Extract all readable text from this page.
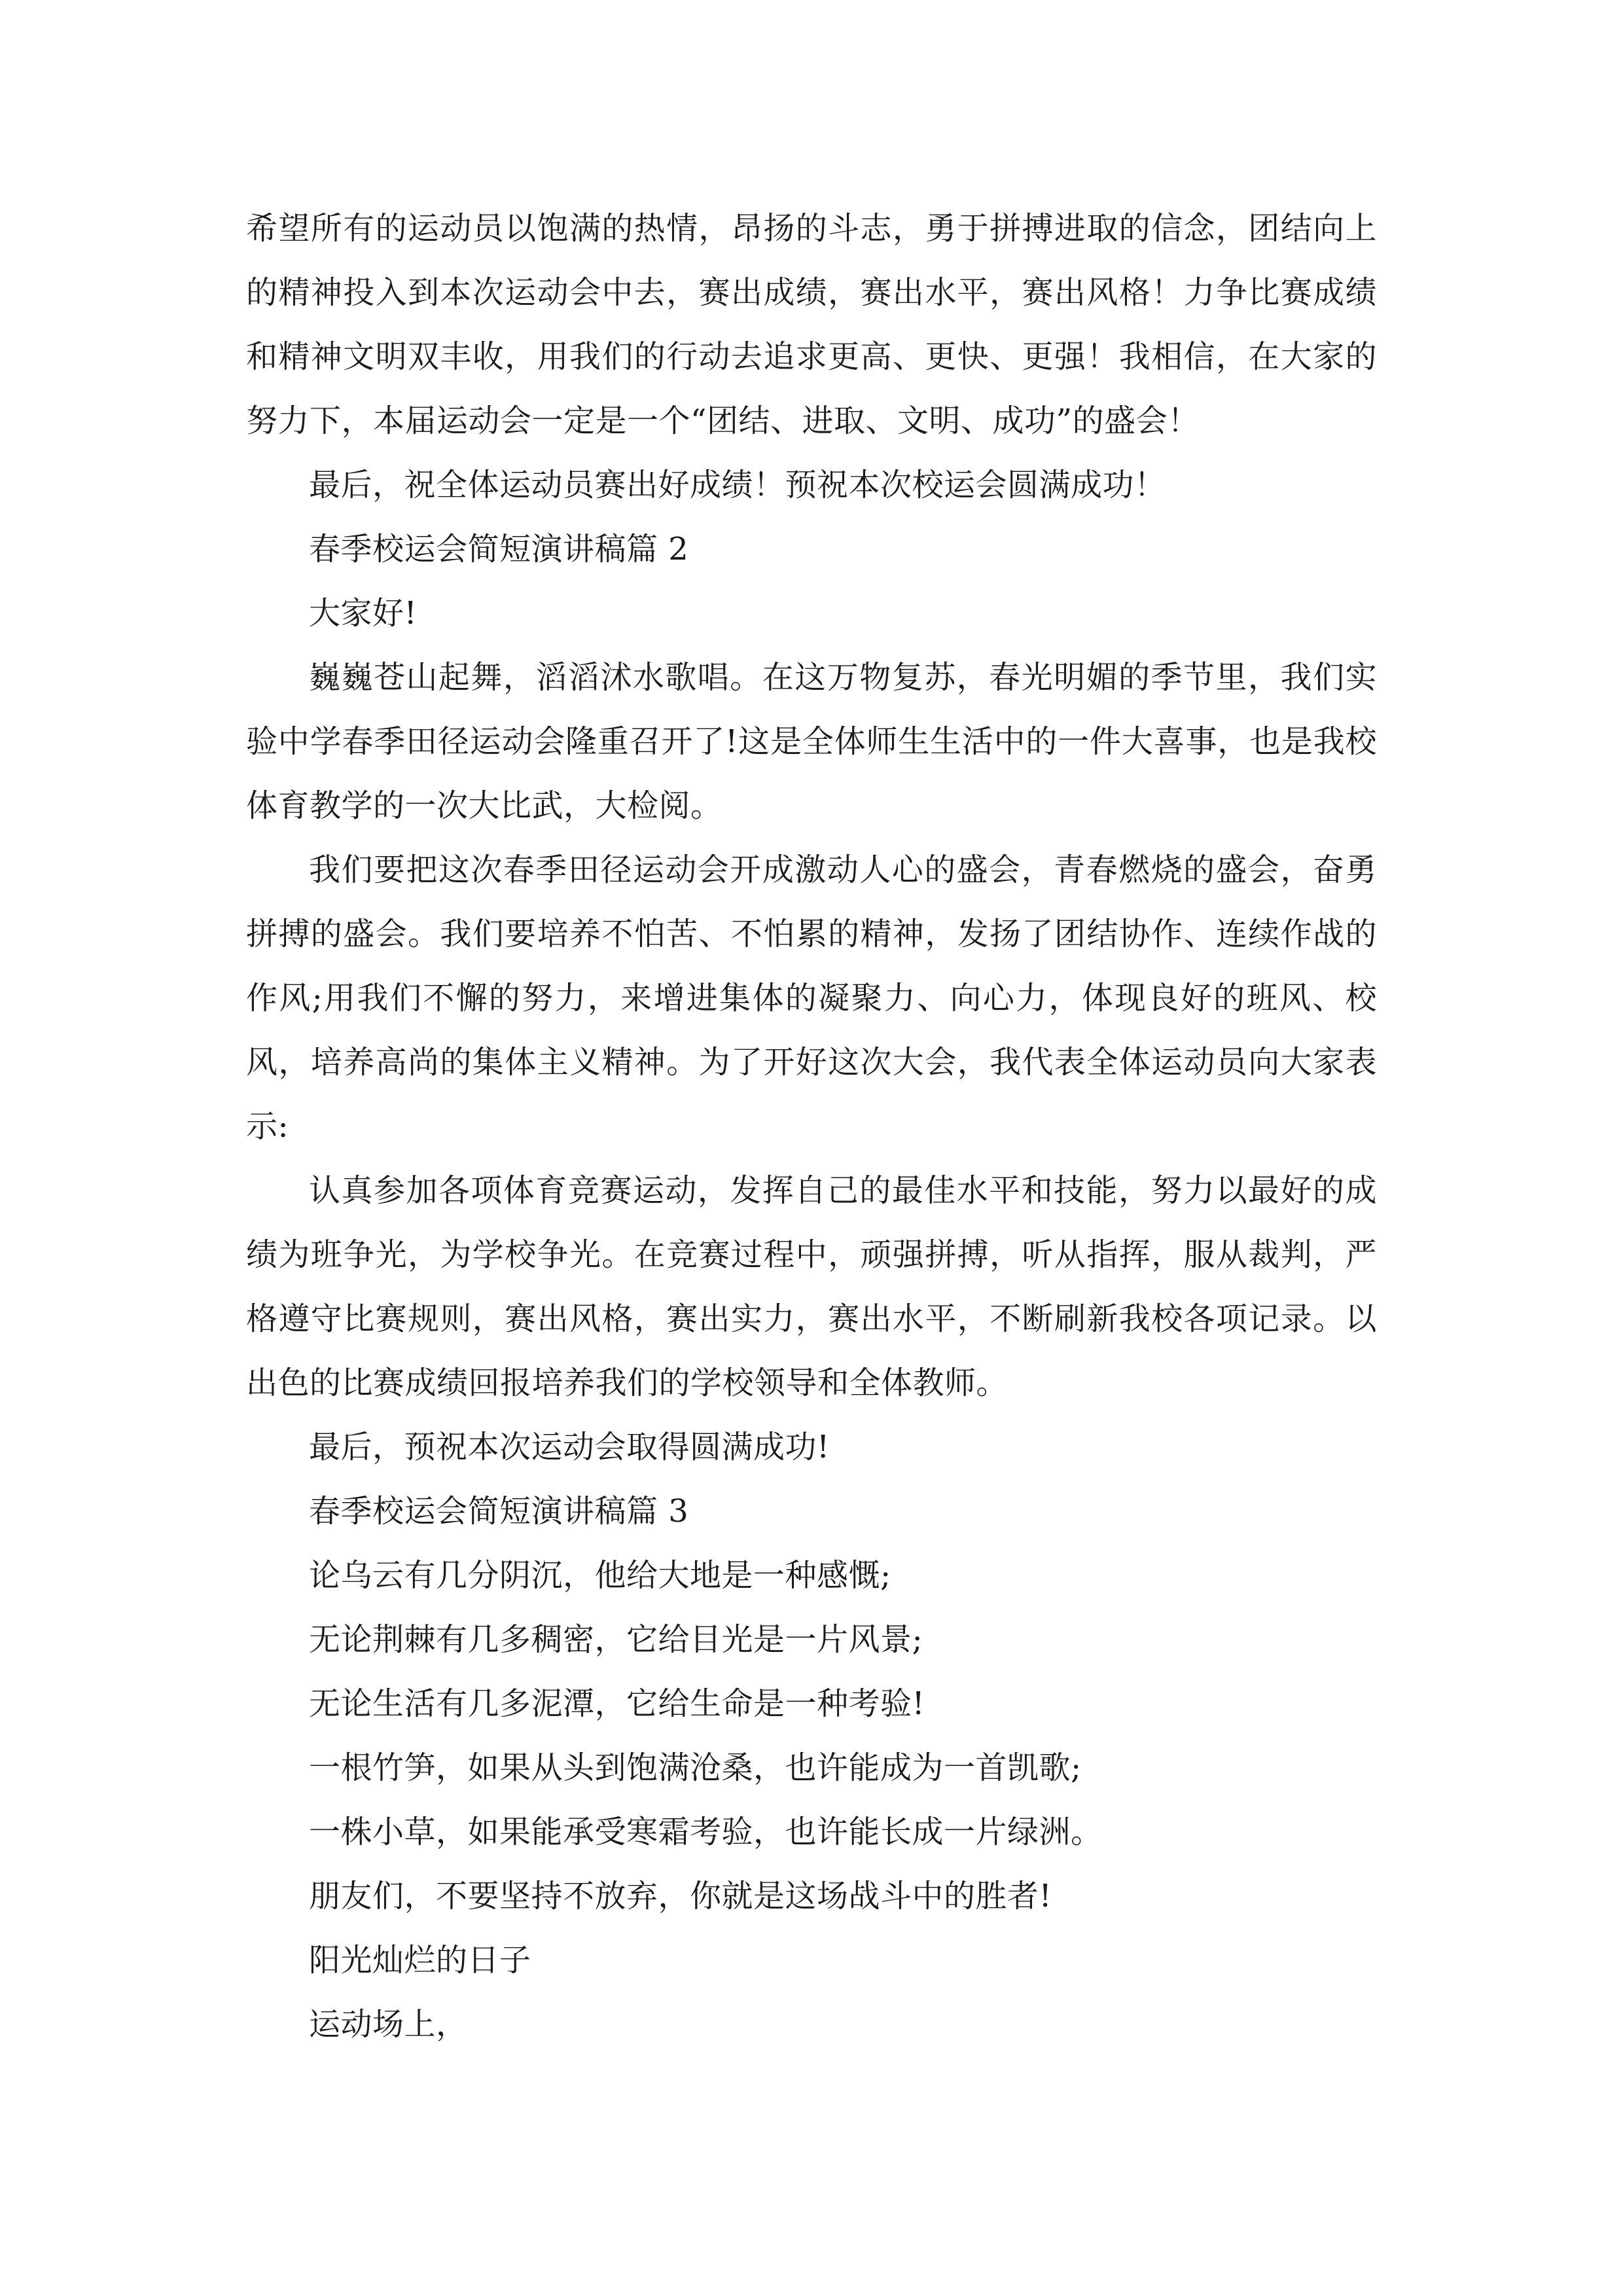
希望所有的运动员以饱满的热情，昂扬的斗志，勇于拼搏进取的信念，团结向上的精神投入到本次运动会中去，赛出成绩，赛出水平，赛出风格！力争比赛成绩和精神文明双丰收，用我们的行动去追求更高、更快、更强！我相信，在大家的努力下，本届运动会一定是一个“团结、进取、文明、成功”的盛会！

最后，祝全体运动员赛出好成绩！预祝本次校运会圆满成功！

春季校运会简短演讲稿篇 2

大家好!

巍巍苍山起舞，滔滔沭水歌唱。在这万物复苏，春光明媚的季节里，我们实验中学春季田径运动会隆重召开了!这是全体师生生活中的一件大喜事，也是我校体育教学的一次大比武，大检阅。

我们要把这次春季田径运动会开成激动人心的盛会，青春燃烧的盛会，奋勇拼搏的盛会。我们要培养不怕苦、不怕累的精神，发扬了团结协作、连续作战的作风;用我们不懈的努力，来增进集体的凝聚力、向心力，体现良好的班风、校风，培养高尚的集体主义精神。为了开好这次大会，我代表全体运动员向大家表示:

认真参加各项体育竞赛运动，发挥自己的最佳水平和技能，努力以最好的成绩为班争光，为学校争光。在竞赛过程中，顽强拼搏，听从指挥，服从裁判，严格遵守比赛规则，赛出风格，赛出实力，赛出水平，不断刷新我校各项记录。以出色的比赛成绩回报培养我们的学校领导和全体教师。

最后，预祝本次运动会取得圆满成功!

春季校运会简短演讲稿篇 3

论乌云有几分阴沉，他给大地是一种感慨;

无论荆棘有几多稠密，它给目光是一片风景;

无论生活有几多泥潭，它给生命是一种考验!

一根竹笋，如果从头到饱满沧桑，也许能成为一首凯歌;

一株小草，如果能承受寒霜考验，也许能长成一片绿洲。

朋友们，不要坚持不放弃，你就是这场战斗中的胜者!

阳光灿烂的日子

运动场上，
